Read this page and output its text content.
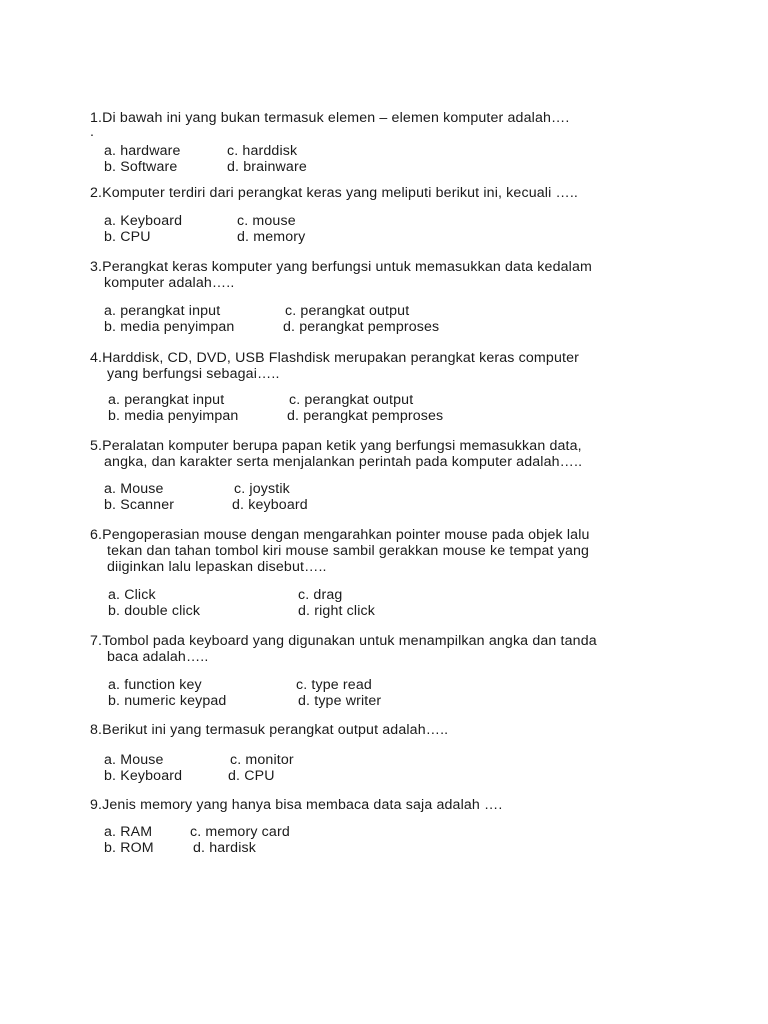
1.Di bawah ini yang bukan termasuk elemen – elemen komputer adalah….
.
a. hardware	c. harddisk
b. Software	d. brainware
2.Komputer terdiri dari perangkat keras yang meliputi berikut ini, kecuali …..
a. Keyboard	c. mouse
b. CPU	d. memory
3.Perangkat keras komputer yang berfungsi untuk memasukkan data kedalam
komputer adalah…..
a. perangkat input	c. perangkat output
b. media penyimpan	d. perangkat pemproses
4.Harddisk, CD, DVD, USB Flashdisk merupakan perangkat keras computer
yang berfungsi sebagai…..
a. perangkat input	c. perangkat output
b. media penyimpan	d. perangkat pemproses
5.Peralatan komputer berupa papan ketik yang berfungsi memasukkan data,
angka, dan karakter serta menjalankan perintah pada komputer adalah…..
a. Mouse	c. joystik
b. Scanner	d. keyboard
6.Pengoperasian mouse dengan mengarahkan pointer mouse pada objek lalu
tekan dan tahan tombol kiri mouse sambil gerakkan mouse ke tempat yang
diiginkan lalu lepaskan disebut…..
a. Click	c. drag
b. double click	d. right click
7.Tombol pada keyboard yang digunakan untuk menampilkan angka dan tanda
baca adalah…..
a. function key	c. type read
b. numeric keypad	d. type writer
8.Berikut ini yang termasuk perangkat output adalah…..
a. Mouse	c. monitor
b. Keyboard	d. CPU
9.Jenis memory yang hanya bisa membaca data saja adalah ….
a. RAM	c. memory card
b. ROM	d. hardisk
